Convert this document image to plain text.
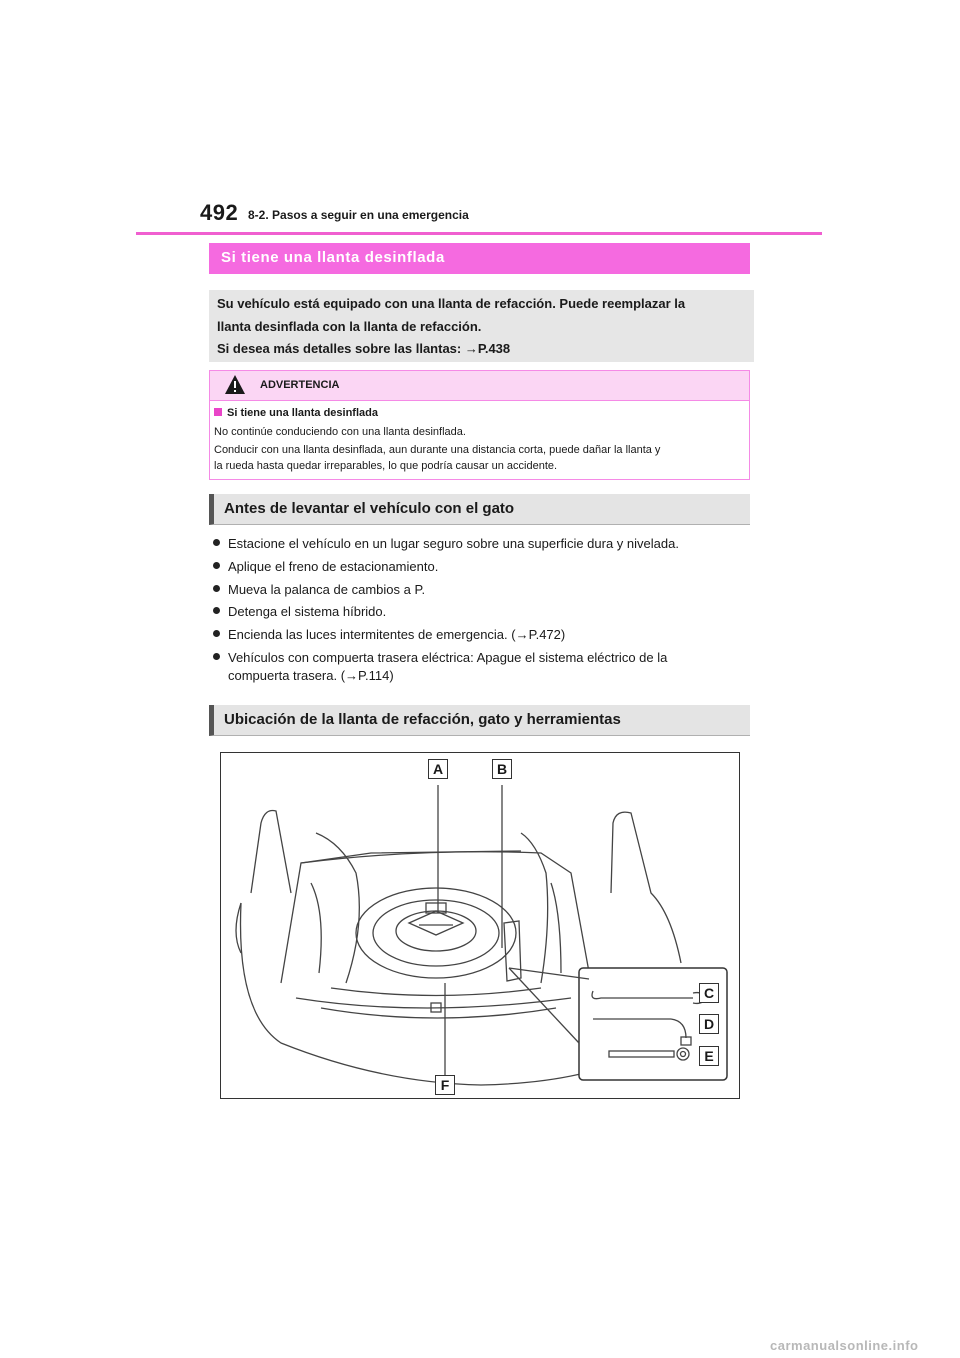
492 8-2. Pasos a seguir en una emergencia
Si tiene una llanta desinflada

Su vehículo está equipado con una llanta de refacción. Puede reemplazar la

llanta desinflada con la llanta de refacción.

Si desea más detalles sobre las llantas: →P.438

ADVERTENCIA
Si tiene una llanta desinflada
No continúe conduciendo con una llanta desinflada.
Conducir con una llanta desinflada, aun durante una distancia corta, puede dañar la llanta y
la rueda hasta quedar irreparables, lo que podría causar un accidente.
Antes de levantar el vehículo con el gato
Estacione el vehículo en un lugar seguro sobre una superficie dura y nivelada.
Aplique el freno de estacionamiento.
Mueva la palanca de cambios a P.
Detenga el sistema híbrido.
Encienda las luces intermitentes de emergencia. (→P.472)
Vehículos con compuerta trasera eléctrica: Apague el sistema eléctrico de la
compuerta trasera. (→P.114)
Ubicación de la llanta de refacción, gato y herramientas
A	B
C
D
E
F
carmanualsonline.info
